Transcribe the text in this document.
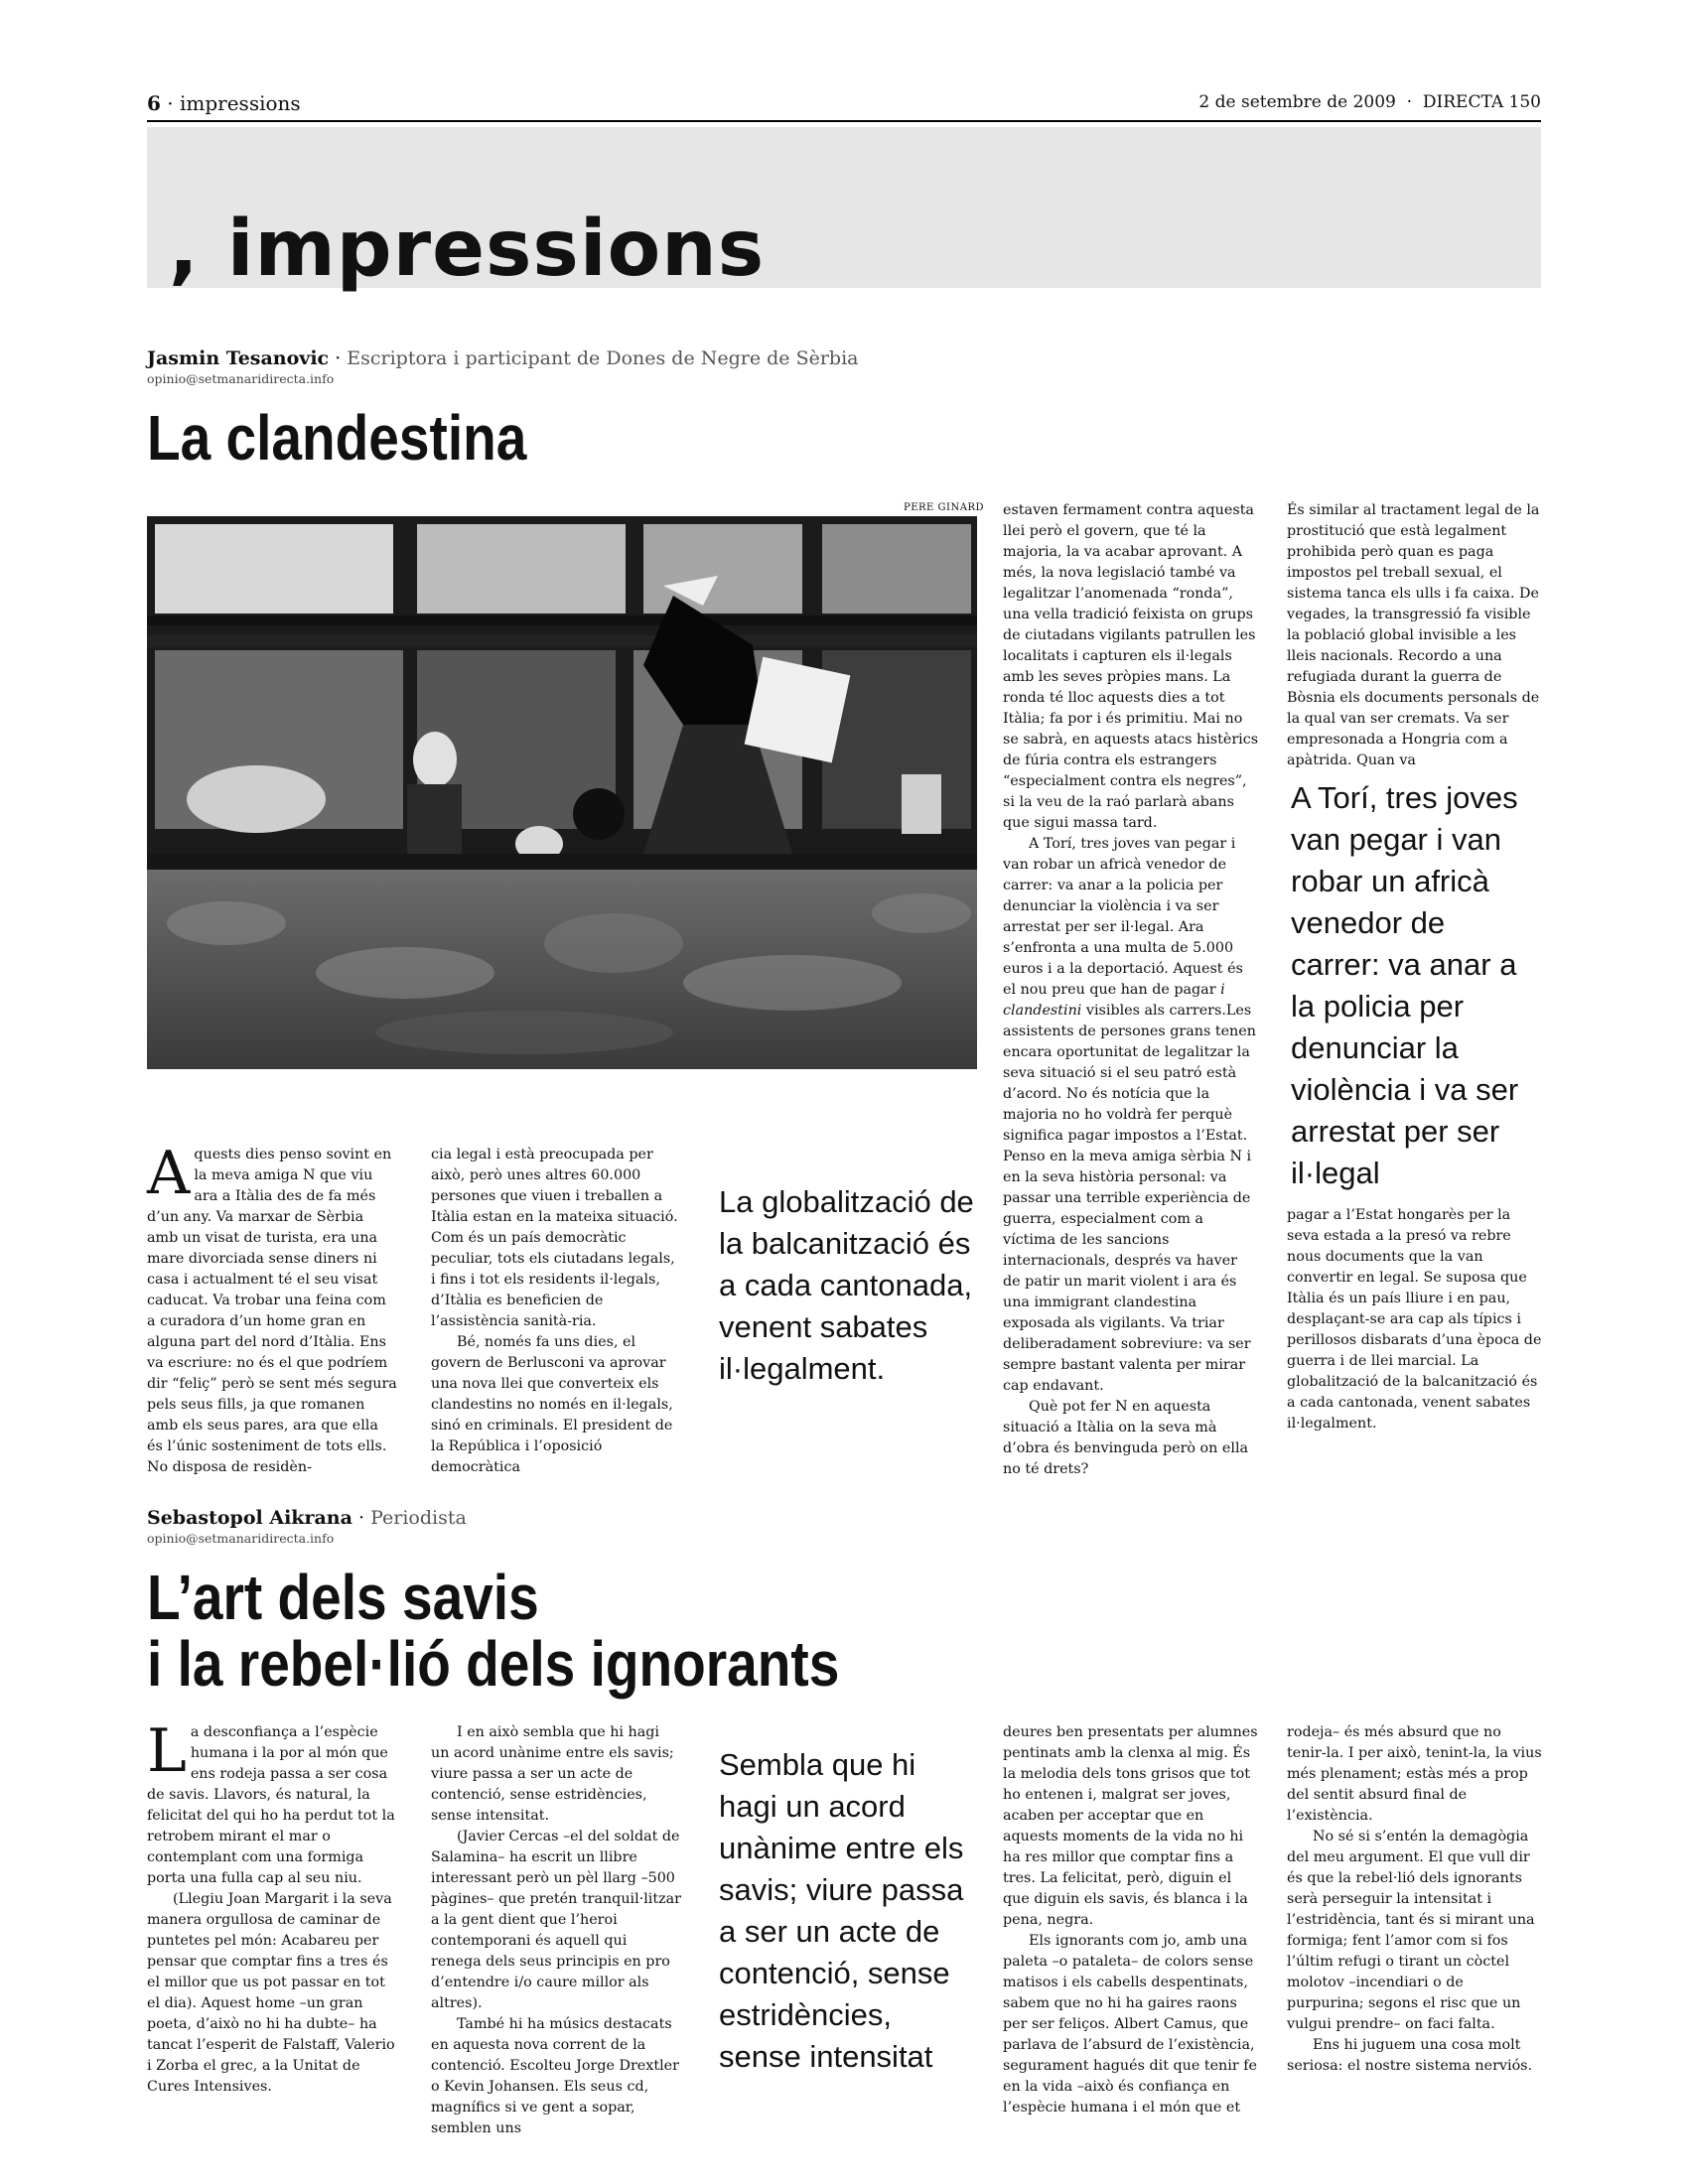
6 · impressions	2 de setembre de 2009 · DIRECTA 150
, impressions
Jasmin Tesanovic · Escriptora i participant de Dones de Negre de Sèrbia
opinio@setmanaridirecta.info
La clandestina
PERE GINARD

Aquests dies penso sovint en la meva amiga N que viu ara a Itàlia des de fa més d’un any. Va marxar de Sèrbia amb un visat de turista, era una mare divorciada sense diners ni casa i actualment té el seu visat caducat. Va trobar una feina com a curadora d’un home gran en alguna part del nord d’Itàlia. Ens va escriure: no és el que podríem dir “feliç” però se sent més segura pels seus fills, ja que romanen amb els seus pares, ara que ella és l’únic sosteniment de tots ells. No disposa de residèn-

cia legal i està preocupada per això, però unes altres 60.000 persones que viuen i treballen a Itàlia estan en la mateixa situació. Com és un país democràtic peculiar, tots els ciutadans legals, i fins i tot els residents il·legals, d’Itàlia es beneficien de l’assistència sanità-ria.

Bé, només fa uns dies, el govern de Berlusconi va aprovar una nova llei que converteix els clandestins no només en il·legals, sinó en criminals. El president de la República i l’oposició democràtica

La globalització de la balcanització és a cada cantonada, venent sabates il·legalment.

estaven fermament contra aquesta llei però el govern, que té la majoria, la va acabar aprovant. A més, la nova legislació també va legalitzar l’anomenada “ronda”, una vella tradició feixista on grups de ciutadans vigilants patrullen les localitats i capturen els il·legals amb les seves pròpies mans. La ronda té lloc aquests dies a tot Itàlia; fa por i és primitiu. Mai no se sabrà, en aquests atacs histèrics de fúria contra els estrangers “especialment contra els negres”, si la veu de la raó parlarà abans que sigui massa tard.

A Torí, tres joves van pegar i van robar un africà venedor de carrer: va anar a la policia per denunciar la violència i va ser arrestat per ser il·legal. Ara s’enfronta a una multa de 5.000 euros i a la deportació. Aquest és el nou preu que han de pagar i clandestini visibles als carrers.Les assistents de persones grans tenen encara oportunitat de legalitzar la seva situació si el seu patró està d’acord. No és notícia que la majoria no ho voldrà fer perquè significa pagar impostos a l’Estat. Penso en la meva amiga sèrbia N i en la seva història personal: va passar una terrible experiència de guerra, especialment com a víctima de les sancions internacionals, després va haver de patir un marit violent i ara és una immigrant clandestina exposada als vigilants. Va triar deliberadament sobreviure: va ser sempre bastant valenta per mirar cap endavant.

Què pot fer N en aquesta situació a Itàlia on la seva mà d’obra és benvinguda però on ella no té drets?

És similar al tractament legal de la prostitució que està legalment prohibida però quan es paga impostos pel treball sexual, el sistema tanca els ulls i fa caixa. De vegades, la transgressió fa visible la població global invisible a les lleis nacionals. Recordo a una refugiada durant la guerra de Bòsnia els documents personals de la qual van ser cremats. Va ser empresonada a Hongria com a apàtrida. Quan va

A Torí, tres joves van pegar i van robar un africà venedor de carrer: va anar a la policia per denunciar la violència i va ser arrestat per ser il·legal

pagar a l’Estat hongarès per la seva estada a la presó va rebre nous documents que la van convertir en legal. Se suposa que Itàlia és un país lliure i en pau, desplaçant-se ara cap als típics i perillosos disbarats d’una època de guerra i de llei marcial. La globalització de la balcanització és a cada cantonada, venent sabates il·legalment.

Sebastopol Aikrana · Periodista
opinio@setmanaridirecta.info
L’art dels savis
i la rebel·lió dels ignorants

La desconfiança a l’espècie humana i la por al món que ens rodeja passa a ser cosa de savis. Llavors, és natural, la felicitat del qui ho ha perdut tot la retrobem mirant el mar o contemplant com una formiga porta una fulla cap al seu niu.

(Llegiu Joan Margarit i la seva manera orgullosa de caminar de puntetes pel món: Acabareu per pensar que comptar fins a tres és el millor que us pot passar en tot el dia). Aquest home –un gran poeta, d’això no hi ha dubte– ha tancat l’esperit de Falstaff, Valerio i Zorba el grec, a la Unitat de Cures Intensives.

I en això sembla que hi hagi un acord unànime entre els savis; viure passa a ser un acte de contenció, sense estridències, sense intensitat.

(Javier Cercas –el del soldat de Salamina– ha escrit un llibre interessant però un pèl llarg –500 pàgines– que pretén tranquil·litzar a la gent dient que l’heroi contemporani és aquell qui renega dels seus principis en pro d’entendre i/o caure millor als altres).

També hi ha músics destacats en aquesta nova corrent de la contenció. Escolteu Jorge Drextler o Kevin Johansen. Els seus cd, magnífics si ve gent a sopar, semblen uns

Sembla que hi hagi un acord unànime entre els savis; viure passa a ser un acte de contenció, sense estridències, sense intensitat

deures ben presentats per alumnes pentinats amb la clenxa al mig. És la melodia dels tons grisos que tot ho entenen i, malgrat ser joves, acaben per acceptar que en aquests moments de la vida no hi ha res millor que comptar fins a tres. La felicitat, però, diguin el que diguin els savis, és blanca i la pena, negra.

Els ignorants com jo, amb una paleta –o pataleta– de colors sense matisos i els cabells despentinats, sabem que no hi ha gaires raons per ser feliços. Albert Camus, que parlava de l’absurd de l’existència, segurament hagués dit que tenir fe en la vida –això és confiança en l’espècie humana i el món que et

rodeja– és més absurd que no tenir-la. I per això, tenint-la, la vius més plenament; estàs més a prop del sentit absurd final de l’existència.

No sé si s’entén la demagògia del meu argument. El que vull dir és que la rebel·lió dels ignorants serà perseguir la intensitat i l’estridència, tant és si mirant una formiga; fent l’amor com si fos l’últim refugi o tirant un còctel molotov –incendiari o de purpurina; segons el risc que un vulgui prendre– on faci falta.

Ens hi juguem una cosa molt seriosa: el nostre sistema nerviós.
